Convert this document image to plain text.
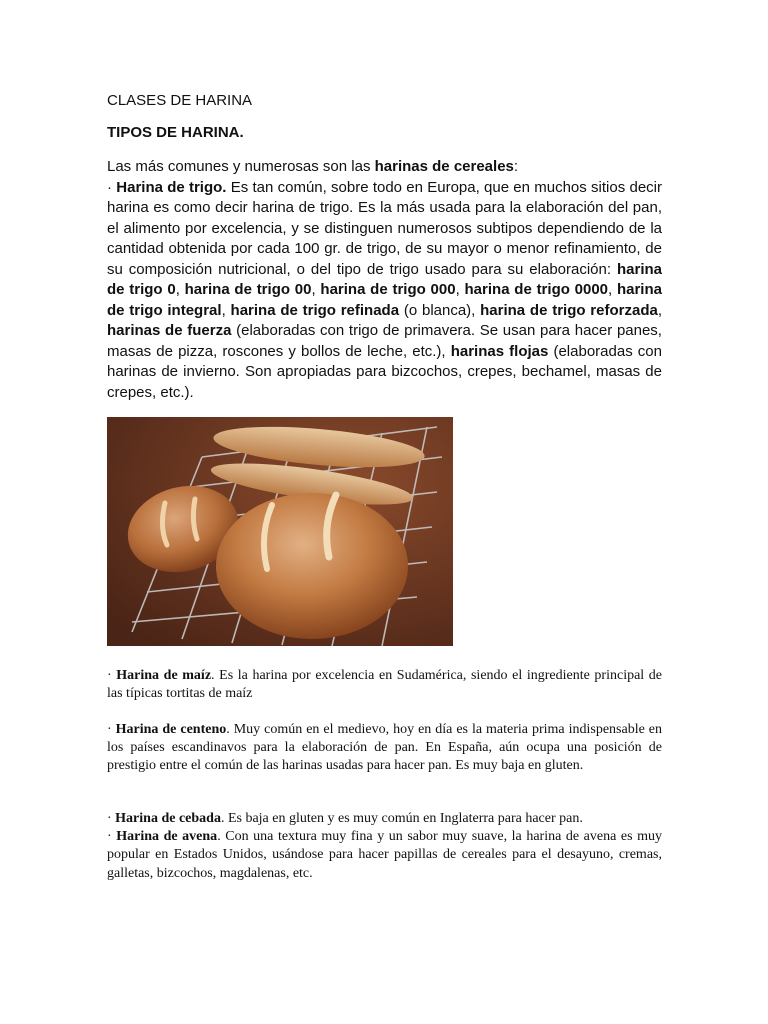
CLASES DE HARINA
TIPOS DE HARINA.
Las más comunes y numerosas son las harinas de cereales:
· Harina de trigo. Es tan común, sobre todo en Europa, que en muchos sitios decir harina es como decir harina de trigo. Es la más usada para la elaboración del pan, el alimento por excelencia, y se distinguen numerosos subtipos dependiendo de la cantidad obtenida por cada 100 gr. de trigo, de su mayor o menor refinamiento, de su composición nutricional, o del tipo de trigo usado para su elaboración: harina de trigo 0, harina de trigo 00, harina de trigo 000, harina de trigo 0000, harina de trigo integral, harina de trigo refinada (o blanca), harina de trigo reforzada, harinas de fuerza (elaboradas con trigo de primavera. Se usan para hacer panes, masas de pizza, roscones y bollos de leche, etc.), harinas flojas (elaboradas con harinas de invierno. Son apropiadas para bizcochos, crepes, bechamel, masas de crepes, etc.).
· Harina de maíz. Es la harina por excelencia en Sudamérica, siendo el ingrediente principal de las típicas tortitas de maíz
· Harina de centeno. Muy común en el medievo, hoy en día es la materia prima indispensable en los países escandinavos para la elaboración de pan. En España, aún ocupa una posición de prestigio entre el común de las harinas usadas para hacer pan. Es muy baja en gluten.
· Harina de cebada. Es baja en gluten y es muy común en Inglaterra para hacer pan.
· Harina de avena. Con una textura muy fina y un sabor muy suave, la harina de avena es muy popular en Estados Unidos, usándose para hacer papillas de cereales para el desayuno, cremas, galletas, bizcochos, magdalenas, etc.
